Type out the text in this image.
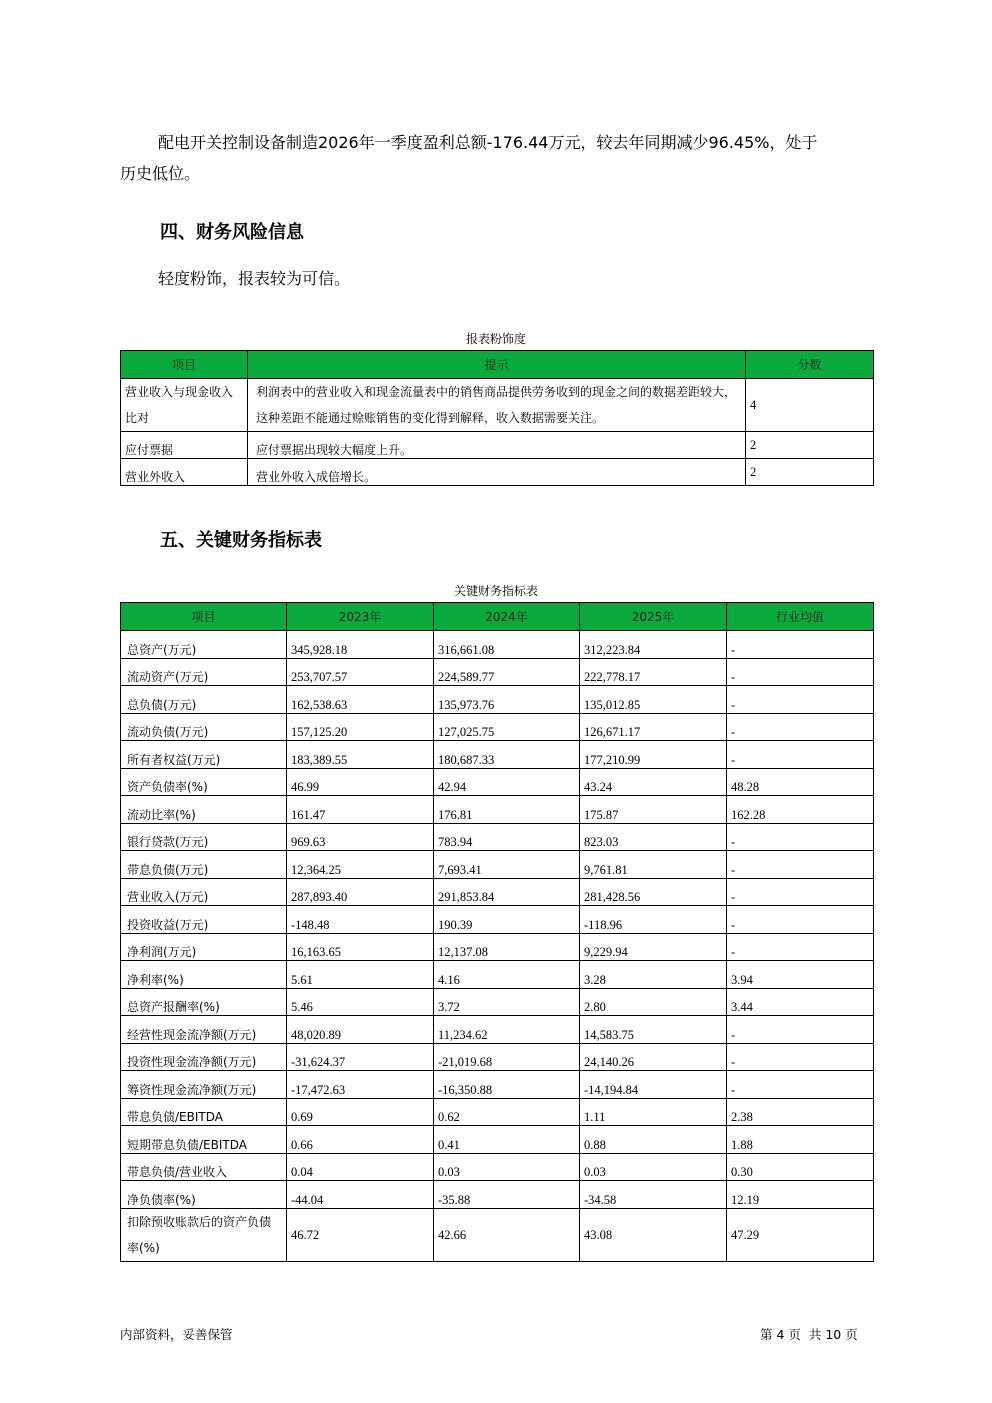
配电开关控制设备制造2026年一季度盈利总额-176.44万元，较去年同期减少96.45%，处于
历史低位。
四、财务风险信息
轻度粉饰，报表较为可信。
报表粉饰度
项目	提示	分数
营业收入与现金收入比对	利润表中的营业收入和现金流量表中的销售商品提供劳务收到的现金之间的数据差距较大，这种差距不能通过赊账销售的变化得到解释，收入数据需要关注。	4
应付票据	应付票据出现较大幅度上升。	2
营业外收入	营业外收入成倍增长。	2
五、关键财务指标表
关键财务指标表
项目	2023年	2024年	2025年	行业均值
总资产(万元)	345,928.18	316,661.08	312,223.84	-
流动资产(万元)	253,707.57	224,589.77	222,778.17	-
总负债(万元)	162,538.63	135,973.76	135,012.85	-
流动负债(万元)	157,125.20	127,025.75	126,671.17	-
所有者权益(万元)	183,389.55	180,687.33	177,210.99	-
资产负债率(%)	46.99	42.94	43.24	48.28
流动比率(%)	161.47	176.81	175.87	162.28
银行贷款(万元)	969.63	783.94	823.03	-
带息负债(万元)	12,364.25	7,693.41	9,761.81	-
营业收入(万元)	287,893.40	291,853.84	281,428.56	-
投资收益(万元)	-148.48	190.39	-118.96	-
净利润(万元)	16,163.65	12,137.08	9,229.94	-
净利率(%)	5.61	4.16	3.28	3.94
总资产报酬率(%)	5.46	3.72	2.80	3.44
经营性现金流净额(万元)	48,020.89	11,234.62	14,583.75	-
投资性现金流净额(万元)	-31,624.37	-21,019.68	24,140.26	-
筹资性现金流净额(万元)	-17,472.63	-16,350.88	-14,194.84	-
带息负债/EBITDA	0.69	0.62	1.11	2.38
短期带息负债/EBITDA	0.66	0.41	0.88	1.88
带息负债/营业收入	0.04	0.03	0.03	0.30
净负债率(%)	-44.04	-35.88	-34.58	12.19
扣除预收账款后的资产负债率(%)	46.72	42.66	43.08	47.29
内部资料，妥善保管	第 4 页  共 10 页
